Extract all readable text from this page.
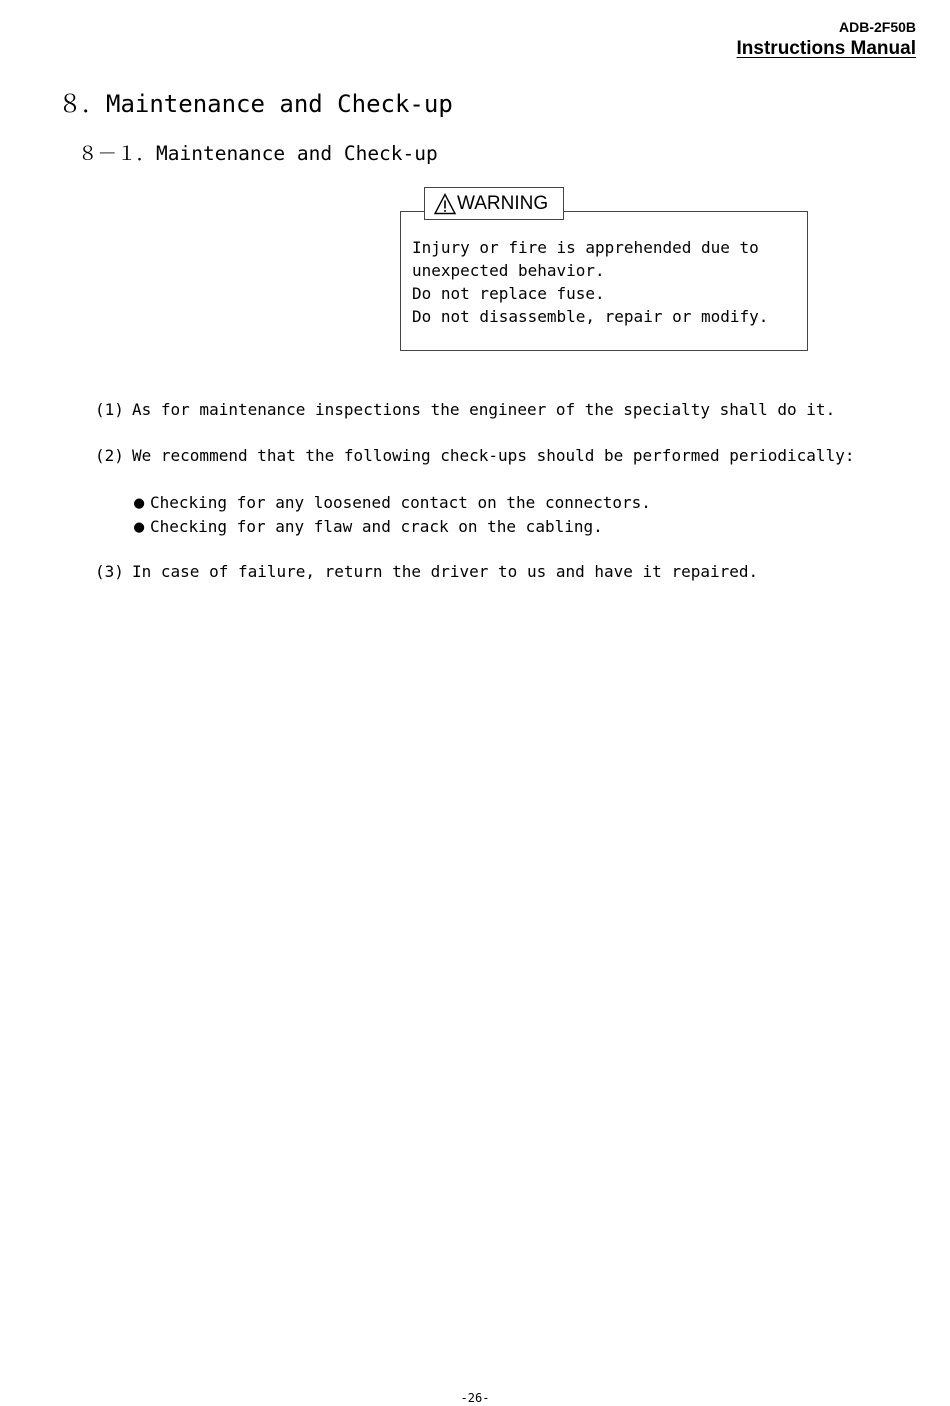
ADB-2F50B
Instructions Manual
８．Maintenance and Check-up
８－１．Maintenance and Check-up
WARNING
Injury or fire is apprehended due to
unexpected behavior.
Do not replace fuse.
Do not disassemble, repair or modify.
(1) As for maintenance inspections the engineer of the specialty shall do it.
(2) We recommend that the following check-ups should be performed periodically:
● Checking for any loosened contact on the connectors.
● Checking for any flaw and crack on the cabling.
(3) In case of failure, return the driver to us and have it repaired.
-26-
